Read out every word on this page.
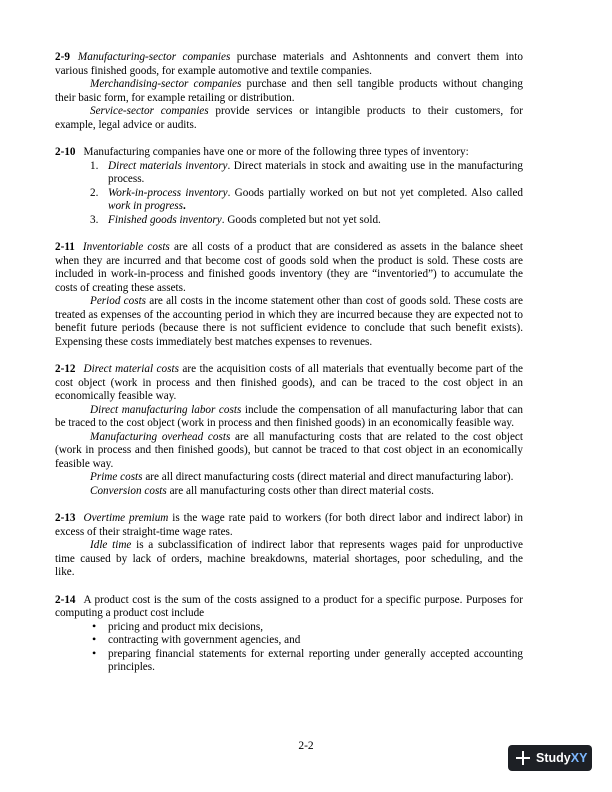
2-9 Manufacturing-sector companies purchase materials and Ashtonnents and convert them into various finished goods, for example automotive and textile companies.

Merchandising-sector companies purchase and then sell tangible products without changing their basic form, for example retailing or distribution.

Service-sector companies provide services or intangible products to their customers, for example, legal advice or audits.

2-10 Manufacturing companies have one or more of the following three types of inventory:

1. Direct materials inventory. Direct materials in stock and awaiting use in the manufacturing process.
2. Work-in-process inventory. Goods partially worked on but not yet completed. Also called work in progress.
3. Finished goods inventory. Goods completed but not yet sold.

2-11 Inventoriable costs are all costs of a product that are considered as assets in the balance sheet when they are incurred and that become cost of goods sold when the product is sold. These costs are included in work-in-process and finished goods inventory (they are “inventoried”) to accumulate the costs of creating these assets.

Period costs are all costs in the income statement other than cost of goods sold. These costs are treated as expenses of the accounting period in which they are incurred because they are expected not to benefit future periods (because there is not sufficient evidence to conclude that such benefit exists). Expensing these costs immediately best matches expenses to revenues.

2-12 Direct material costs are the acquisition costs of all materials that eventually become part of the cost object (work in process and then finished goods), and can be traced to the cost object in an economically feasible way.

Direct manufacturing labor costs include the compensation of all manufacturing labor that can be traced to the cost object (work in process and then finished goods) in an economically feasible way.

Manufacturing overhead costs are all manufacturing costs that are related to the cost object (work in process and then finished goods), but cannot be traced to that cost object in an economically feasible way.

Prime costs are all direct manufacturing costs (direct material and direct manufacturing labor).

Conversion costs are all manufacturing costs other than direct material costs.

2-13 Overtime premium is the wage rate paid to workers (for both direct labor and indirect labor) in excess of their straight-time wage rates.

Idle time is a subclassification of indirect labor that represents wages paid for unproductive time caused by lack of orders, machine breakdowns, material shortages, poor scheduling, and the like.

2-14 A product cost is the sum of the costs assigned to a product for a specific purpose. Purposes for computing a product cost include

• pricing and product mix decisions,
• contracting with government agencies, and
• preparing financial statements for external reporting under generally accepted accounting principles.
2-2
Study XY
